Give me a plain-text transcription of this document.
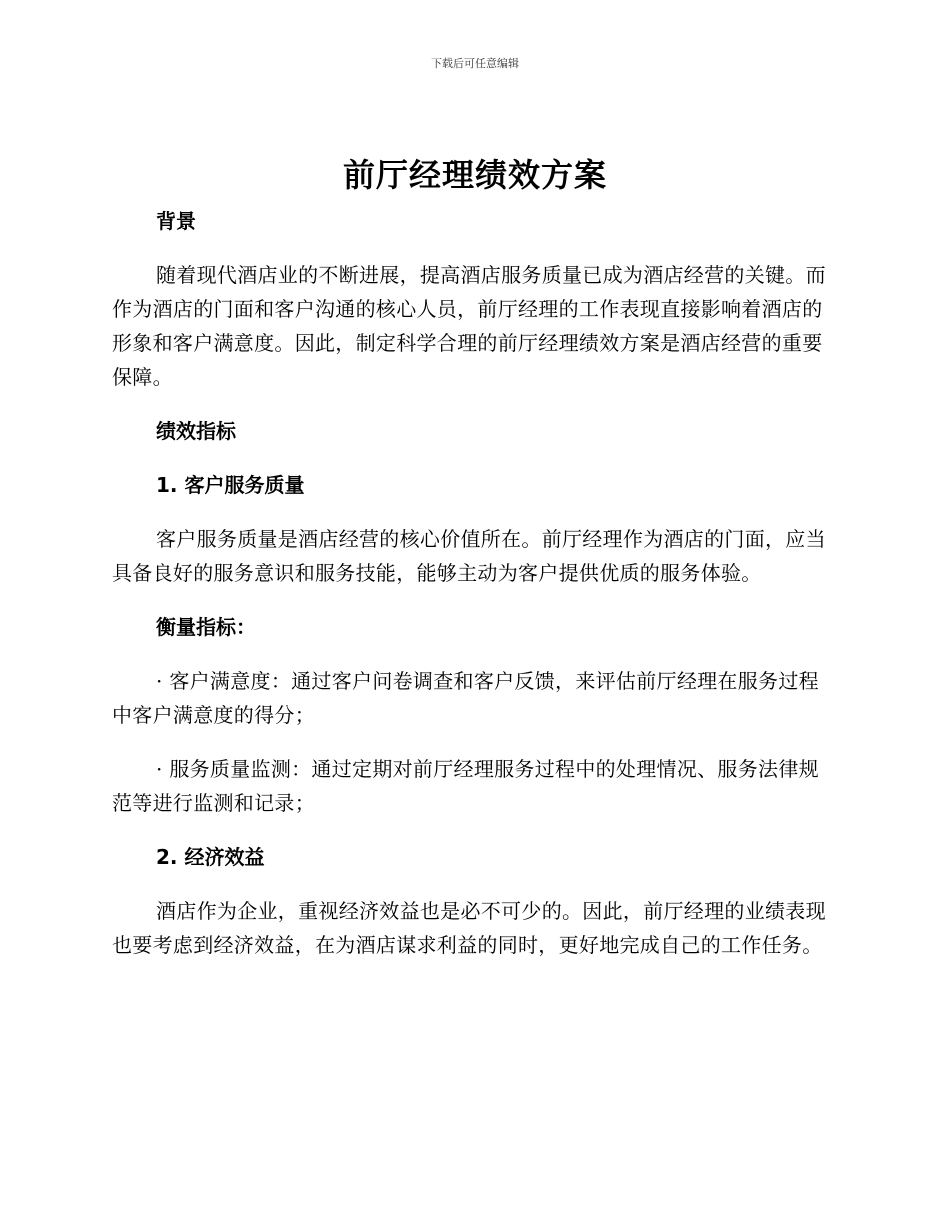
下载后可任意编辑
前厅经理绩效方案
背景
随着现代酒店业的不断进展，提高酒店服务质量已成为酒店经营的关键。而作为酒店的门面和客户沟通的核心人员，前厅经理的工作表现直接影响着酒店的形象和客户满意度。因此，制定科学合理的前厅经理绩效方案是酒店经营的重要保障。
绩效指标
1. 客户服务质量
客户服务质量是酒店经营的核心价值所在。前厅经理作为酒店的门面，应当具备良好的服务意识和服务技能，能够主动为客户提供优质的服务体验。
衡量指标：
· 客户满意度：通过客户问卷调查和客户反馈，来评估前厅经理在服务过程中客户满意度的得分；
· 服务质量监测：通过定期对前厅经理服务过程中的处理情况、服务法律规范等进行监测和记录；
2. 经济效益
酒店作为企业，重视经济效益也是必不可少的。因此，前厅经理的业绩表现也要考虑到经济效益，在为酒店谋求利益的同时，更好地完成自己的工作任务。
